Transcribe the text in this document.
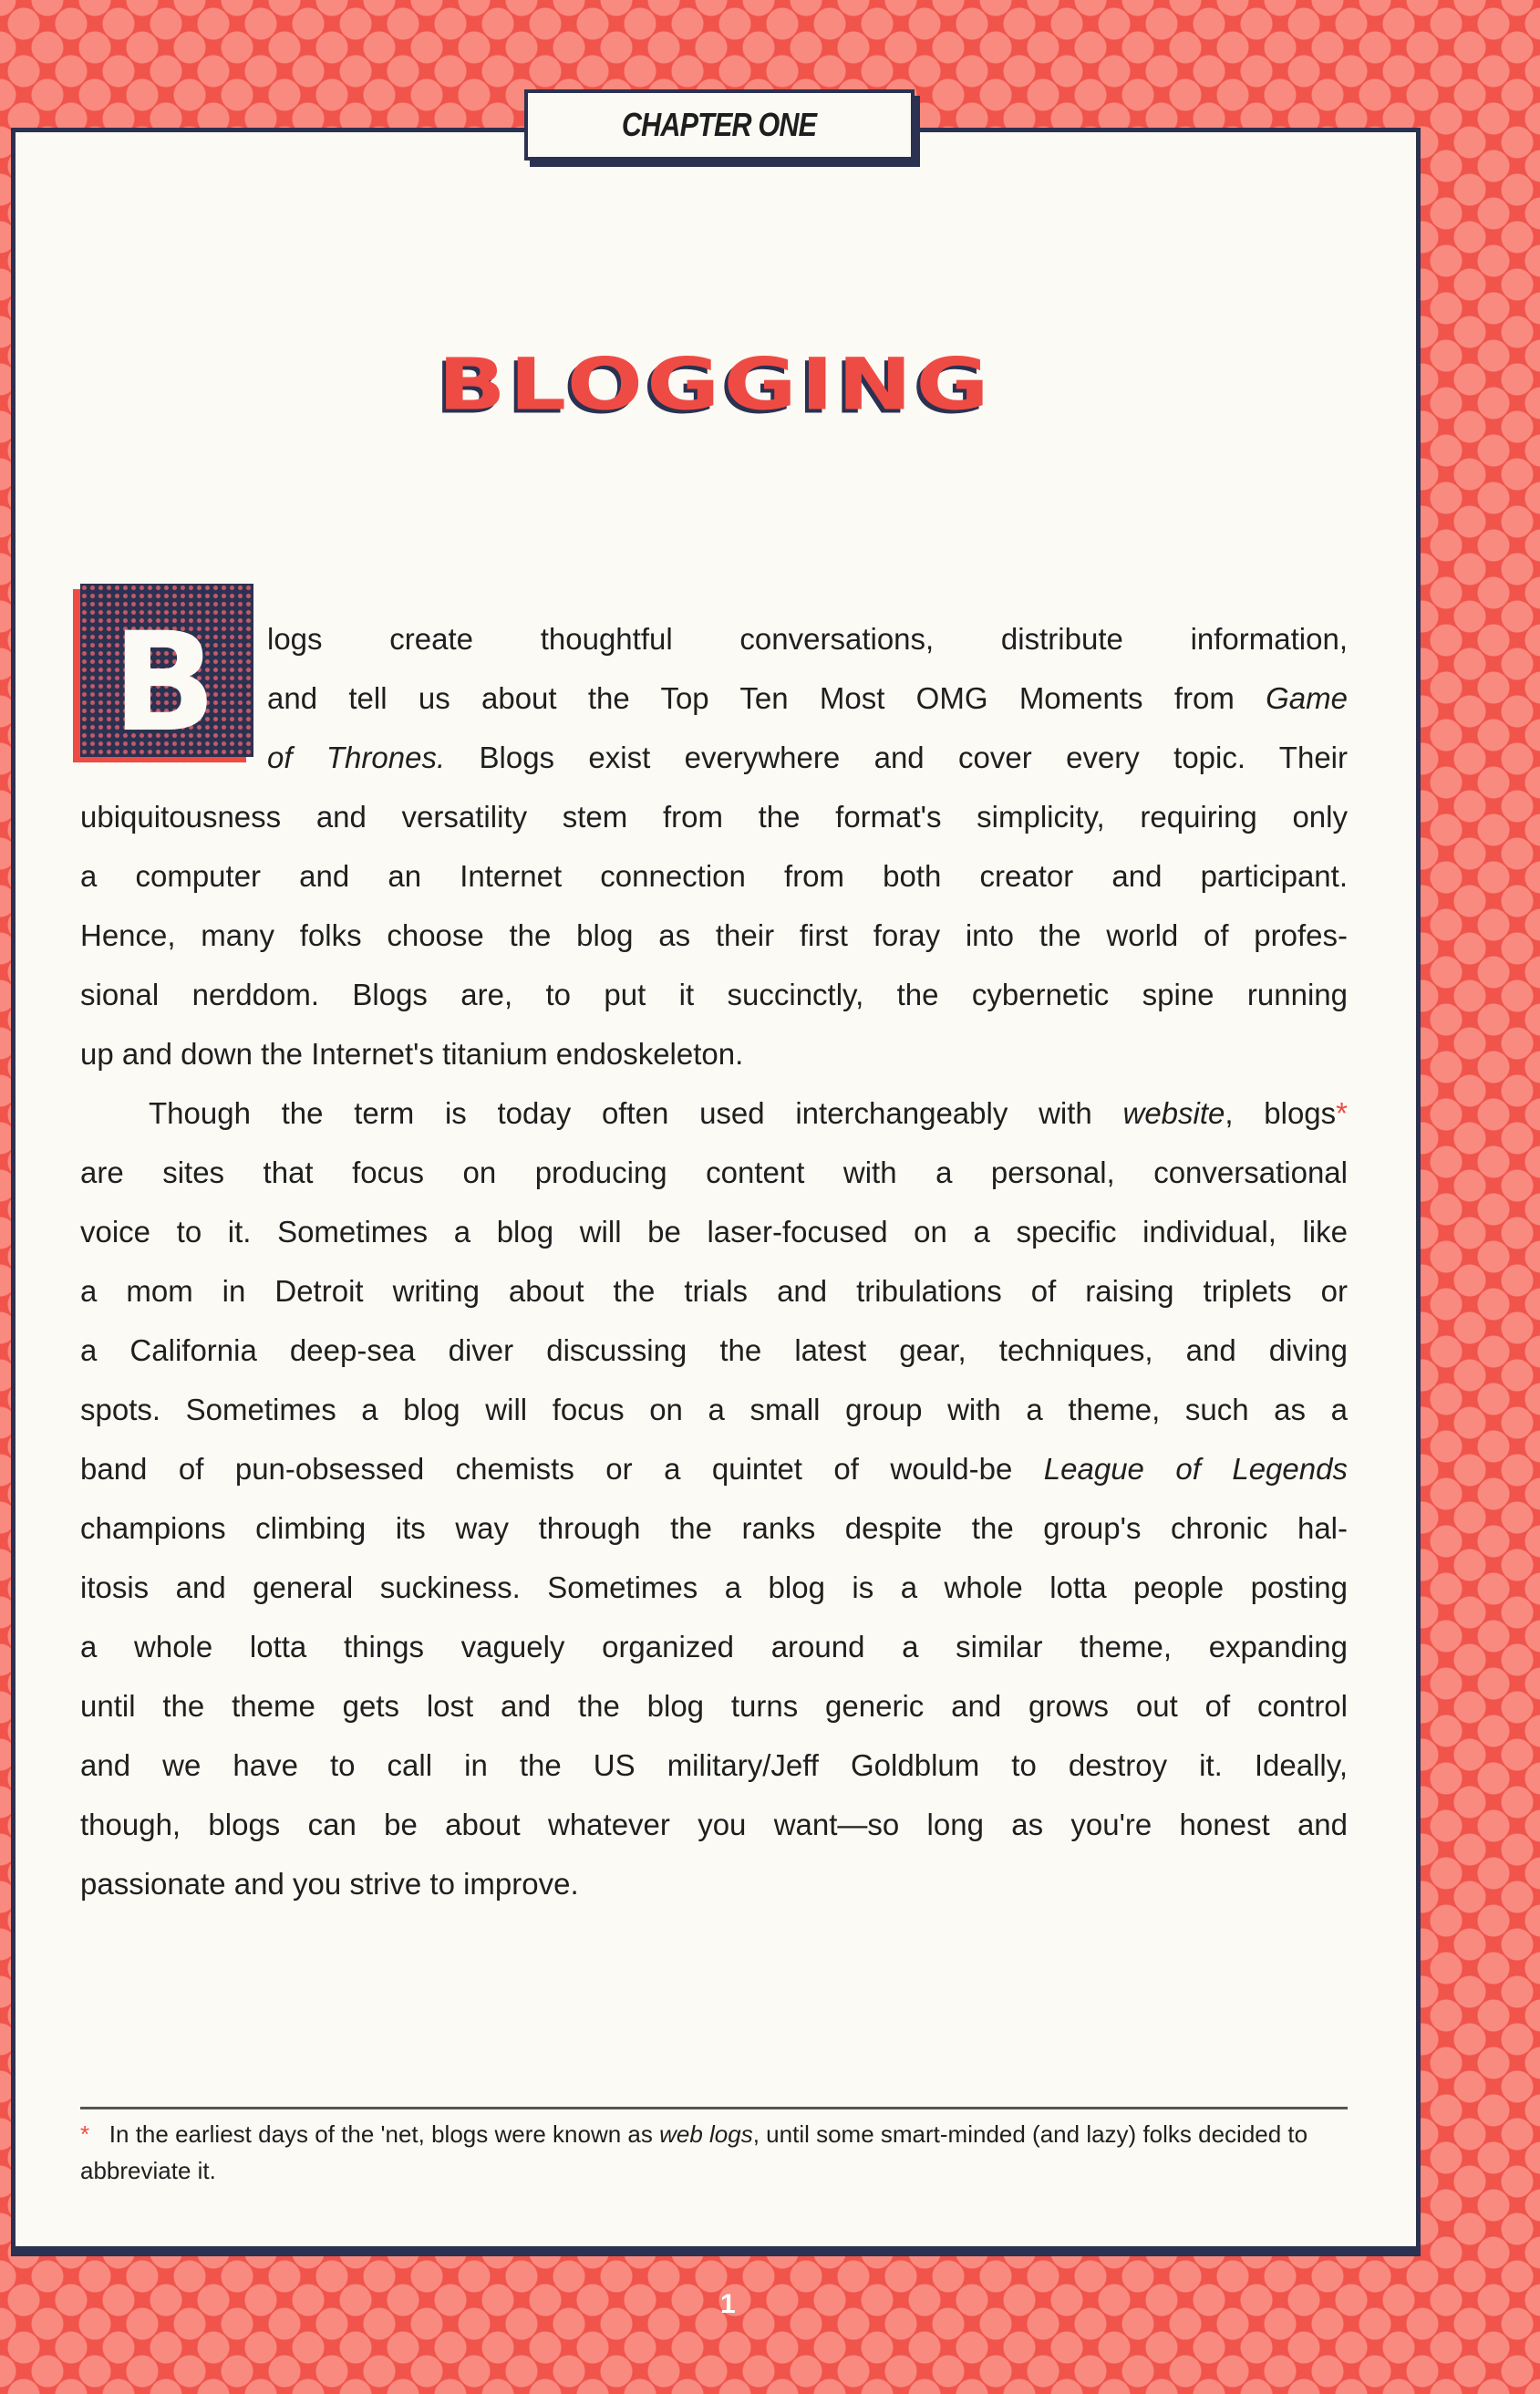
CHAPTER ONE
BLOGGING
B logs create thoughtful conversations, distribute information,
and tell us about the Top Ten Most OMG Moments from Game
of Thrones. Blogs exist everywhere and cover every topic. Their
ubiquitousness and versatility stem from the format's simplicity, requiring only
a computer and an Internet connection from both creator and participant.
Hence, many folks choose the blog as their first foray into the world of profes-
sional nerddom. Blogs are, to put it succinctly, the cybernetic spine running
up and down the Internet's titanium endoskeleton.
Though the term is today often used interchangeably with website, blogs*
are sites that focus on producing content with a personal, conversational
voice to it. Sometimes a blog will be laser-focused on a specific individual, like
a mom in Detroit writing about the trials and tribulations of raising triplets or
a California deep-sea diver discussing the latest gear, techniques, and diving
spots. Sometimes a blog will focus on a small group with a theme, such as a
band of pun-obsessed chemists or a quintet of would-be League of Legends
champions climbing its way through the ranks despite the group's chronic hal-
itosis and general suckiness. Sometimes a blog is a whole lotta people posting
a whole lotta things vaguely organized around a similar theme, expanding
until the theme gets lost and the blog turns generic and grows out of control
and we have to call in the US military/Jeff Goldblum to destroy it. Ideally,
though, blogs can be about whatever you want—so long as you're honest and
passionate and you strive to improve.
* In the earliest days of the 'net, blogs were known as web logs, until some smart-minded (and lazy) folks decided to abbreviate it.
1
